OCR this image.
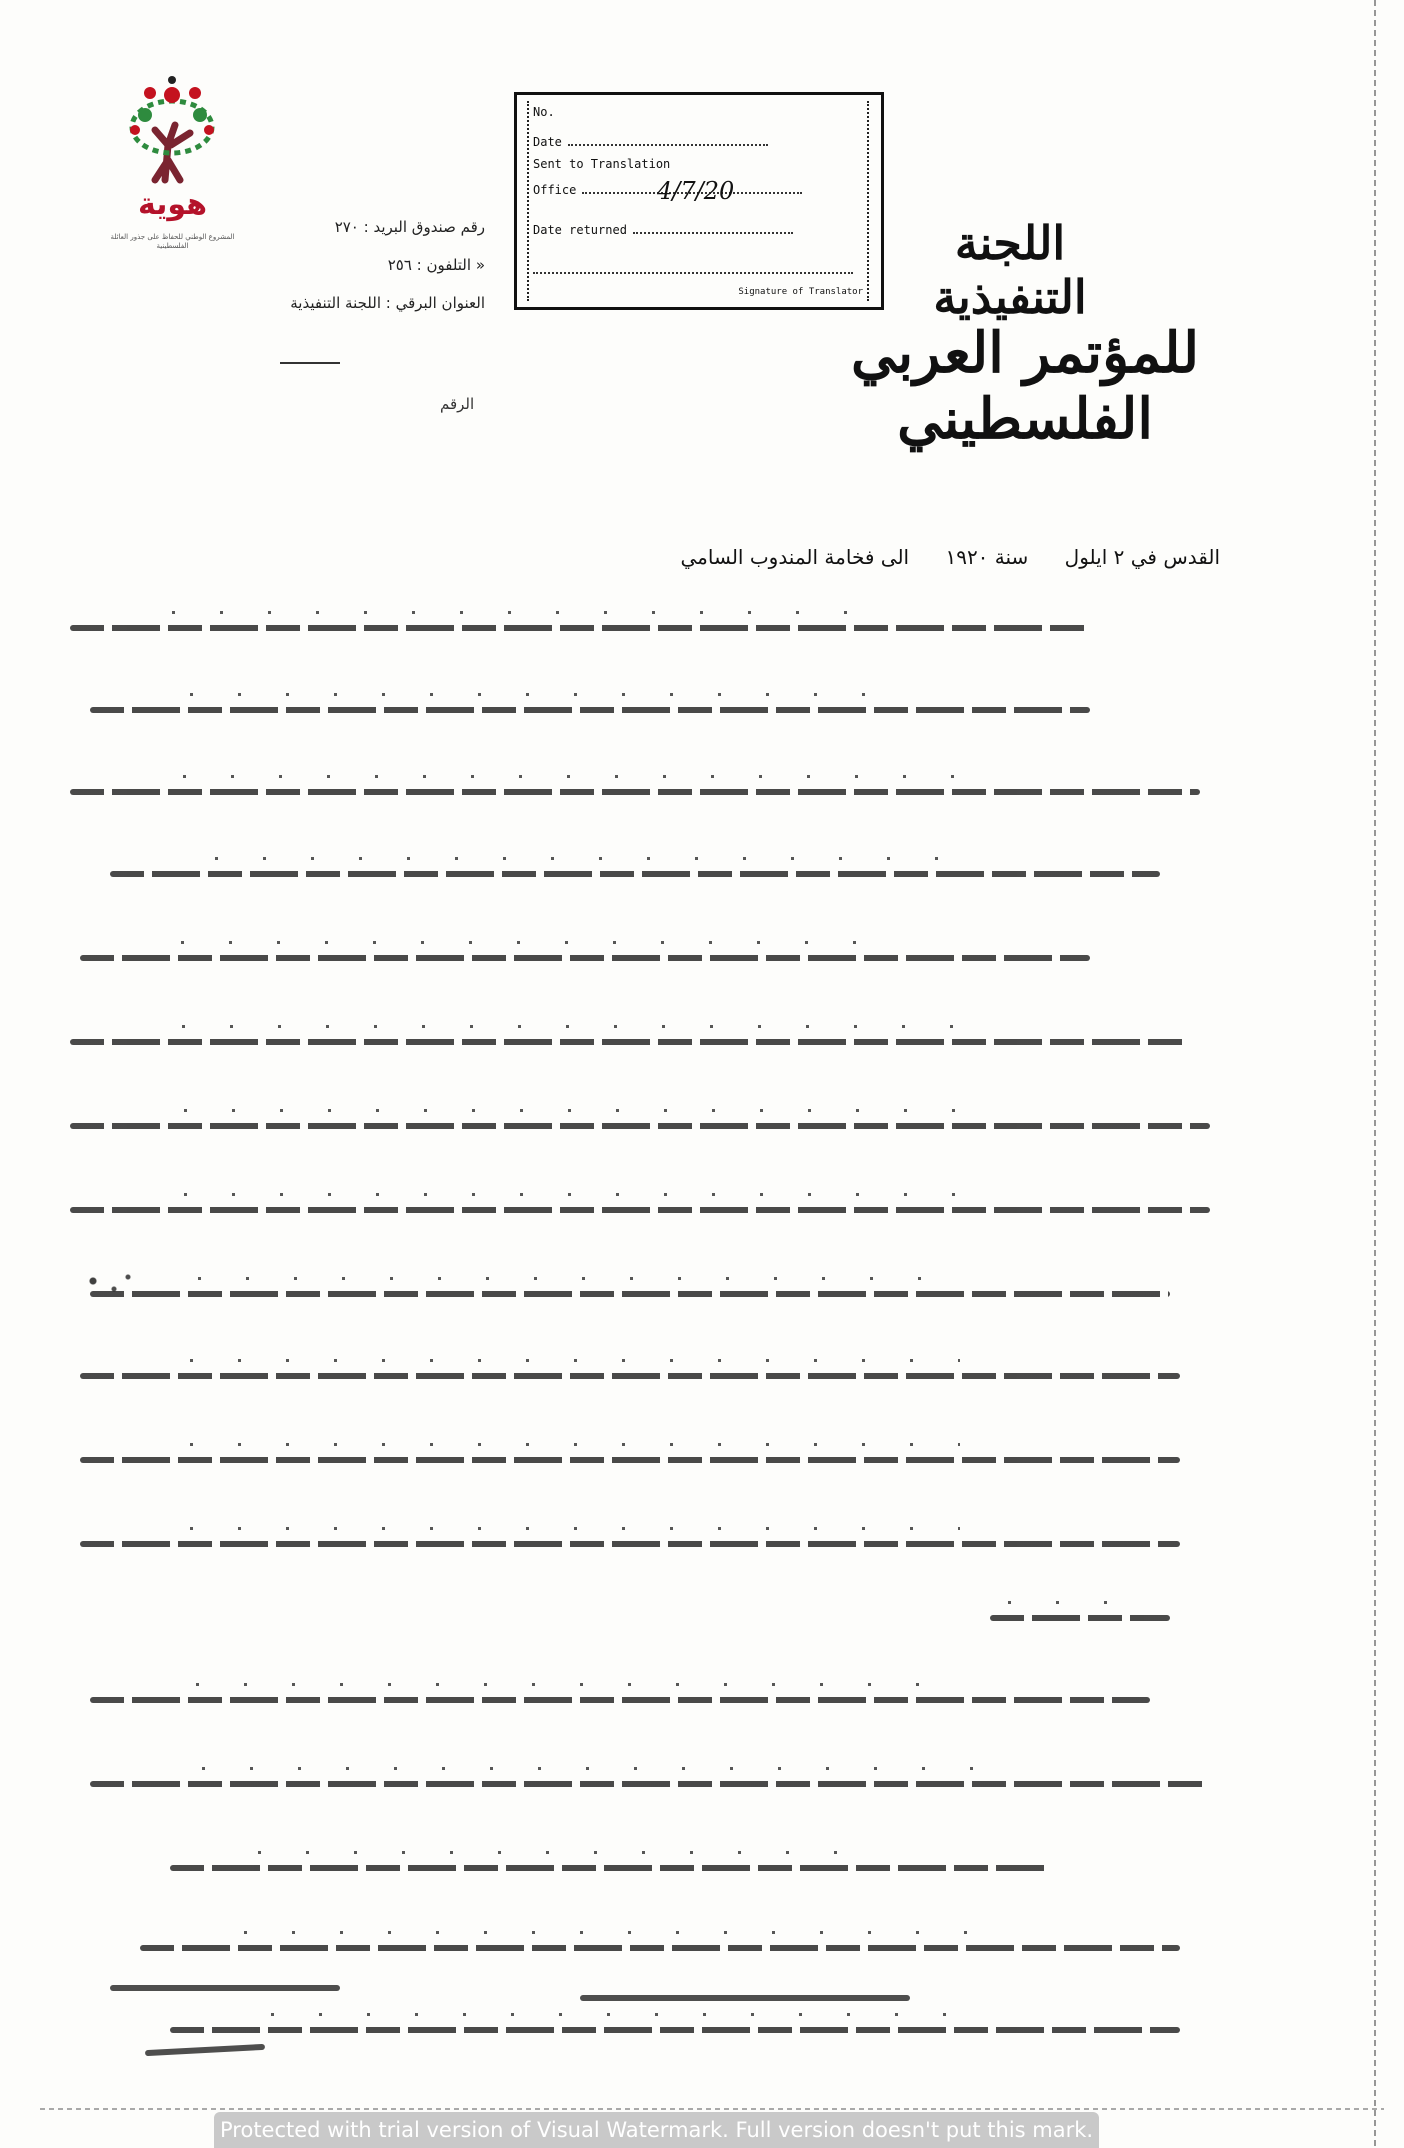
هوية
المشروع الوطني للحفاظ على جذور العائلة الفلسطينية
رقم صندوق البريد : ٢٧٠
« التلفون : ٢٥٦
العنوان البرقي : اللجنة التنفيذية
الرقم
No.
Date
Sent to Translation
Office	4/7/20
Date returned
Signature of Translator
اللجنة التنفيذية
للمؤتمر العربي الفلسطيني
القدس في ٢ ايلول سنة ١٩٢٠ الى فخامة المندوب السامي
Protected with trial version of Visual Watermark. Full version doesn't put this mark.
